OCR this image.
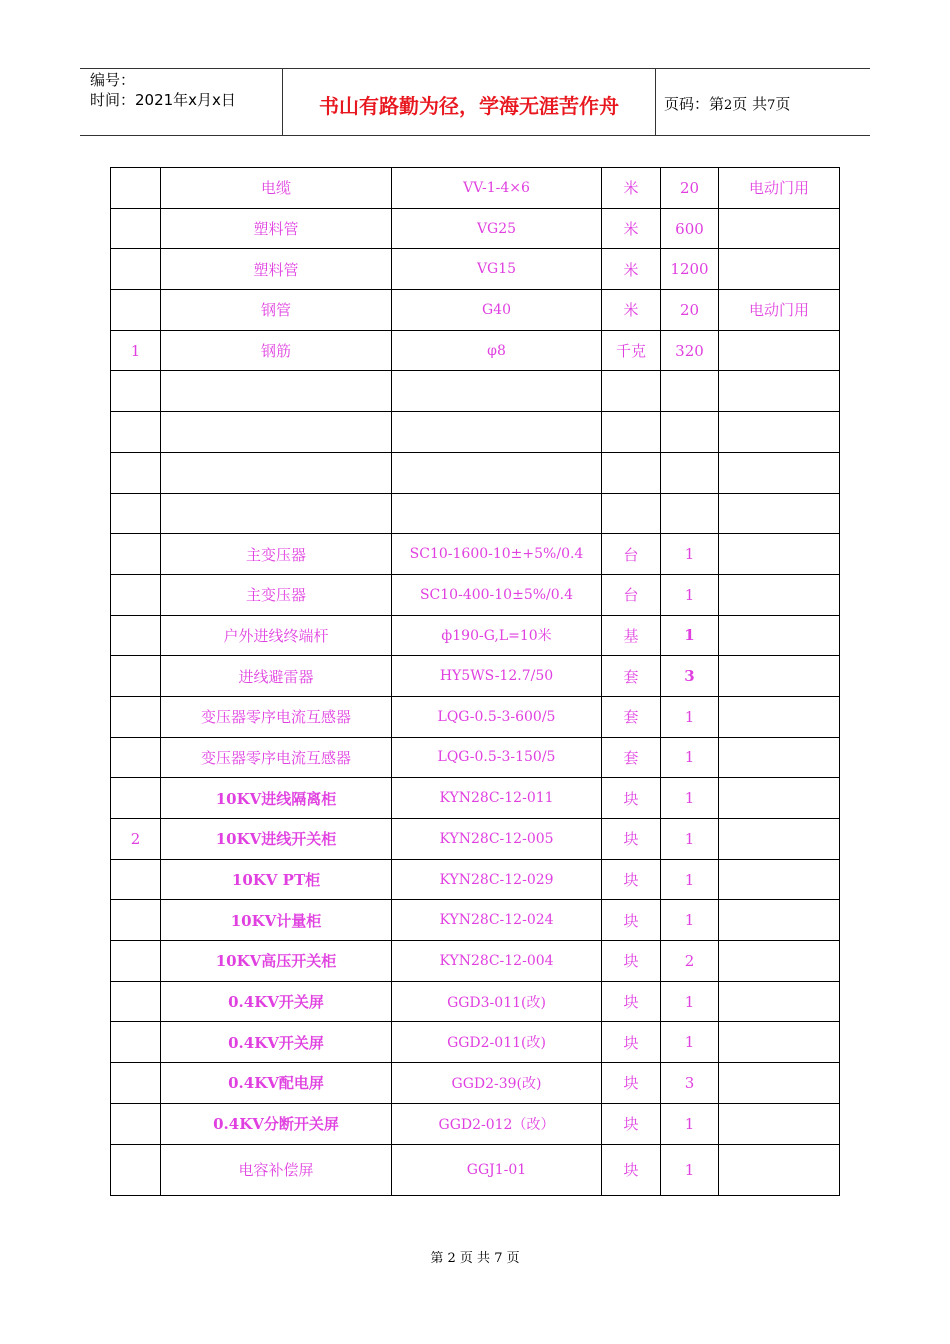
编号：
时间：2021年x月x日	书山有路勤为径，学海无涯苦作舟	页码：第2页 共7页
	电缆	VV-1-4×6	米	20	电动门用
	塑料管	VG25	米	600	
	塑料管	VG15	米	1200	
	钢管	G40	米	20	电动门用
1	钢筋	φ8	千克	320	

	主变压器	SC10-1600-10±+5%/0.4	台	1	
	主变压器	SC10-400-10±5%/0.4	台	1	
	户外进线终端杆	ф190-G,L=10米	基	1	
	进线避雷器	HY5WS-12.7/50	套	3	
	变压器零序电流互感器	LQG-0.5-3-600/5	套	1	
	变压器零序电流互感器	LQG-0.5-3-150/5	套	1	
	10KV进线隔离柜	KYN28C-12-011	块	1	
2	10KV进线开关柜	KYN28C-12-005	块	1	
	10KV PT柜	KYN28C-12-029	块	1	
	10KV计量柜	KYN28C-12-024	块	1	
	10KV高压开关柜	KYN28C-12-004	块	2	
	0.4KV开关屏	GGD3-011(改)	块	1	
	0.4KV开关屏	GGD2-011(改)	块	1	
	0.4KV配电屏	GGD2-39(改)	块	3	
	0.4KV分断开关屏	GGD2-012（改）	块	1	
	电容补偿屏	GGJ1-01	块	1	
第 2 页 共 7 页
